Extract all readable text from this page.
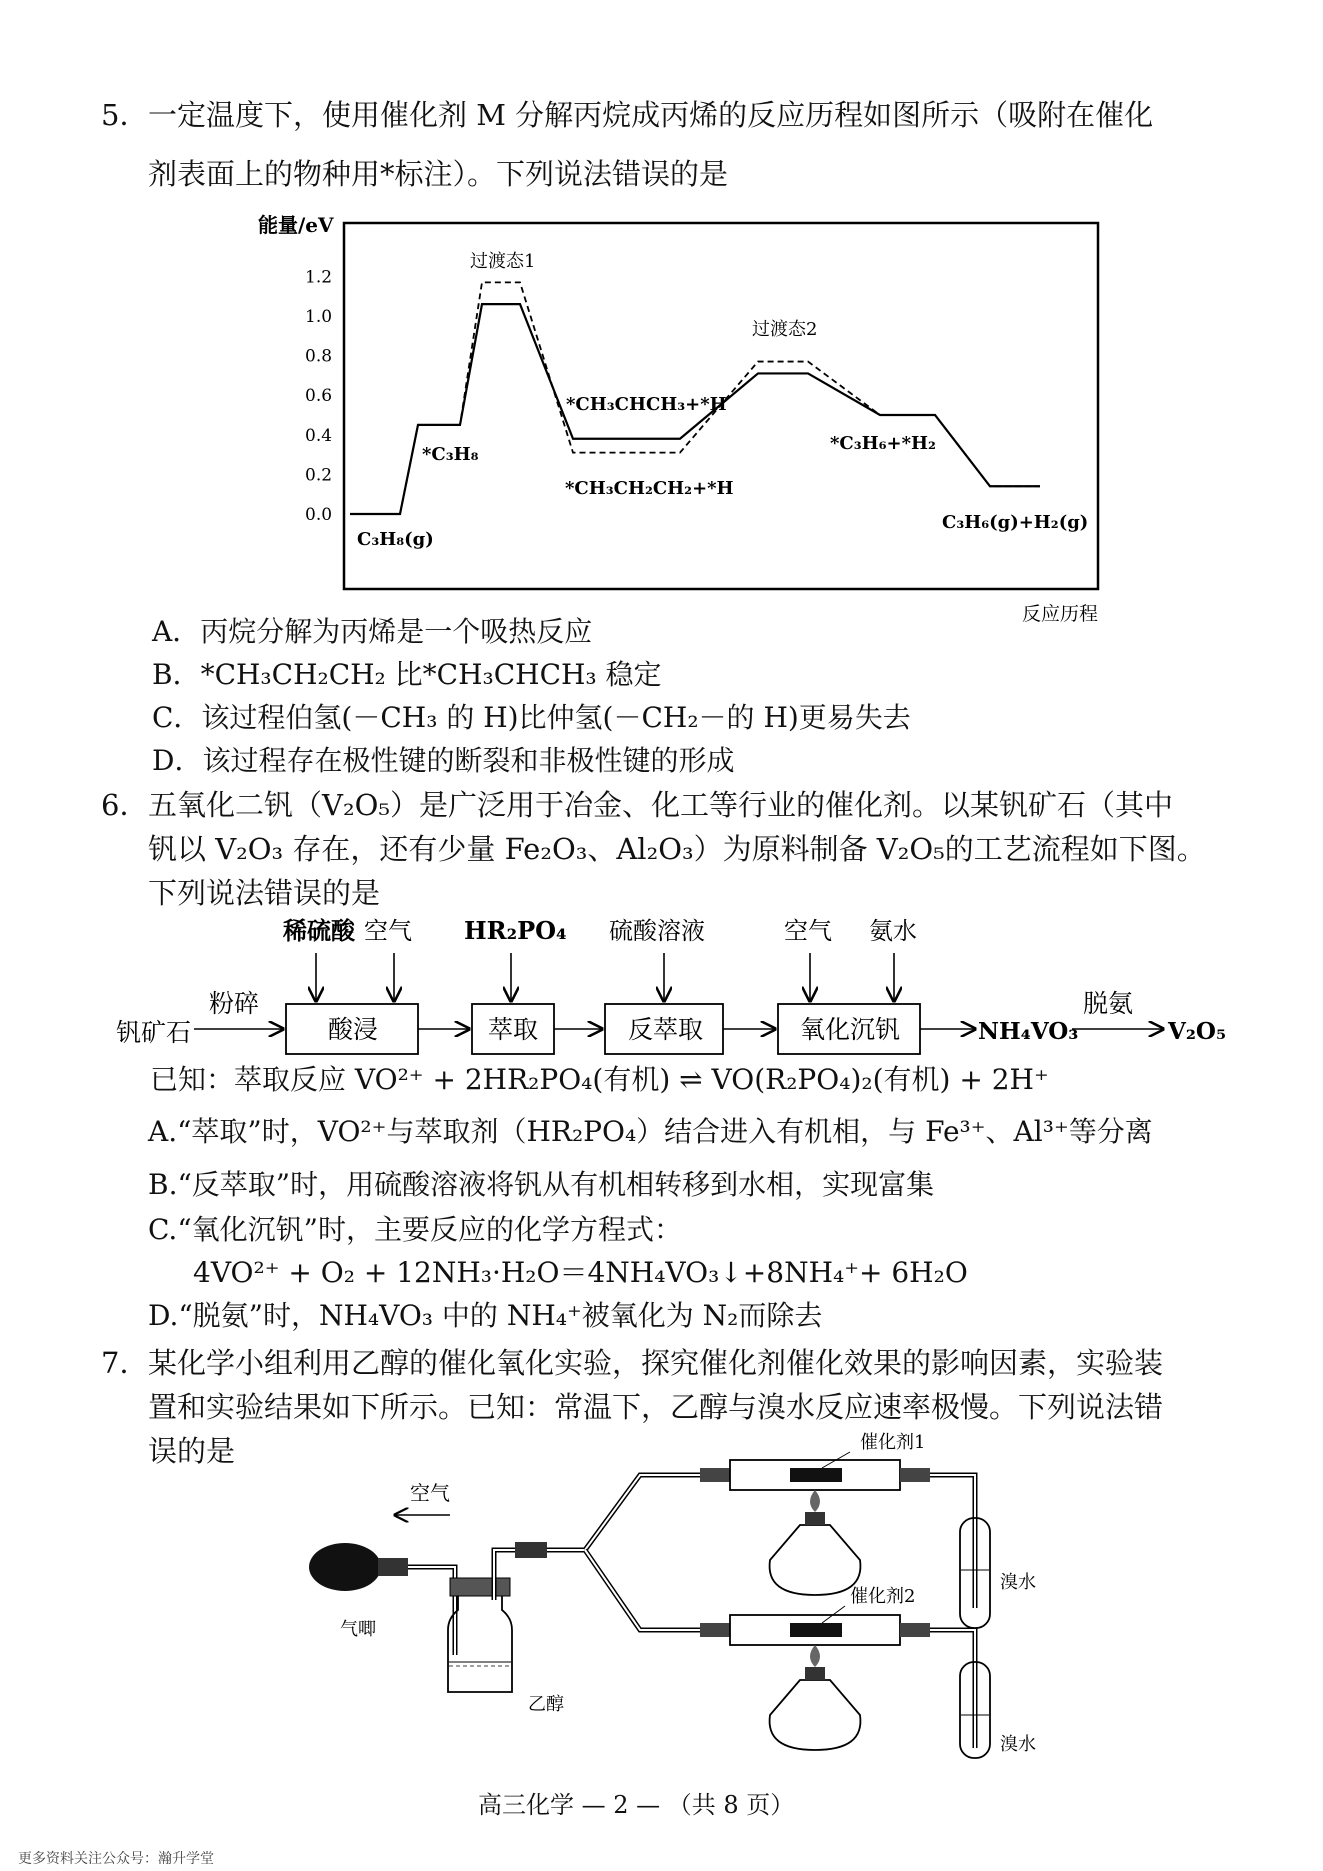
5． 一定温度下，使用催化剂 M 分解丙烷成丙烯的反应历程如图所示（吸附在催化
剂表面上的物种用*标注）。下列说法错误的是
能量/eV
1.2
1.0
0.8
0.6
0.4
0.2
0.0
过渡态1
过渡态2
C₃H₈(g)
*C₃H₈
*CH₃CHCH₃+*H
*CH₃CH₂CH₂+*H
*C₃H₆+*H₂
C₃H₆(g)+H₂(g)
反应历程
A．丙烷分解为丙烯是一个吸热反应
B．*CH₃CH₂CH₂ 比*CH₃CHCH₃ 稳定
C．该过程伯氢(－CH₃ 的 H)比仲氢(－CH₂－的 H)更易失去
D．该过程存在极性键的断裂和非极性键的形成
6． 五氧化二钒（V₂O₅）是广泛用于冶金、化工等行业的催化剂。以某钒矿石（其中
钒以 V₂O₃ 存在，还有少量 Fe₂O₃、Al₂O₃）为原料制备 V₂O₅的工艺流程如下图。
下列说法错误的是
稀硫酸 空气 HR₂PO₄ 硫酸溶液	空气 氨水
钒矿石
粉碎
酸浸	萃取	反萃取	氧化沉钒	NH₄VO₃
脱氨
V₂O₅
已知：萃取反应 VO²⁺ + 2HR₂PO₄(有机) ⇌ VO(R₂PO₄)₂(有机) + 2H⁺
A.“萃取”时，VO²⁺与萃取剂（HR₂PO₄）结合进入有机相，与 Fe³⁺、Al³⁺等分离
B.“反萃取”时，用硫酸溶液将钒从有机相转移到水相，实现富集
C.“氧化沉钒”时，主要反应的化学方程式：
4VO²⁺ + O₂ + 12NH₃·H₂O＝4NH₄VO₃↓+8NH₄⁺+ 6H₂O
D.“脱氨”时，NH₄VO₃ 中的 NH₄⁺被氧化为 N₂而除去
7． 某化学小组利用乙醇的催化氧化实验，探究催化剂催化效果的影响因素，实验装
置和实验结果如下所示。已知：常温下，乙醇与溴水反应速率极慢。下列说法错
误的是
空气
气唧
乙醇
催化剂1
溴水
催化剂2
溴水
高三化学 — 2 — （共 8 页）
更多资料关注公众号：瀚升学堂
